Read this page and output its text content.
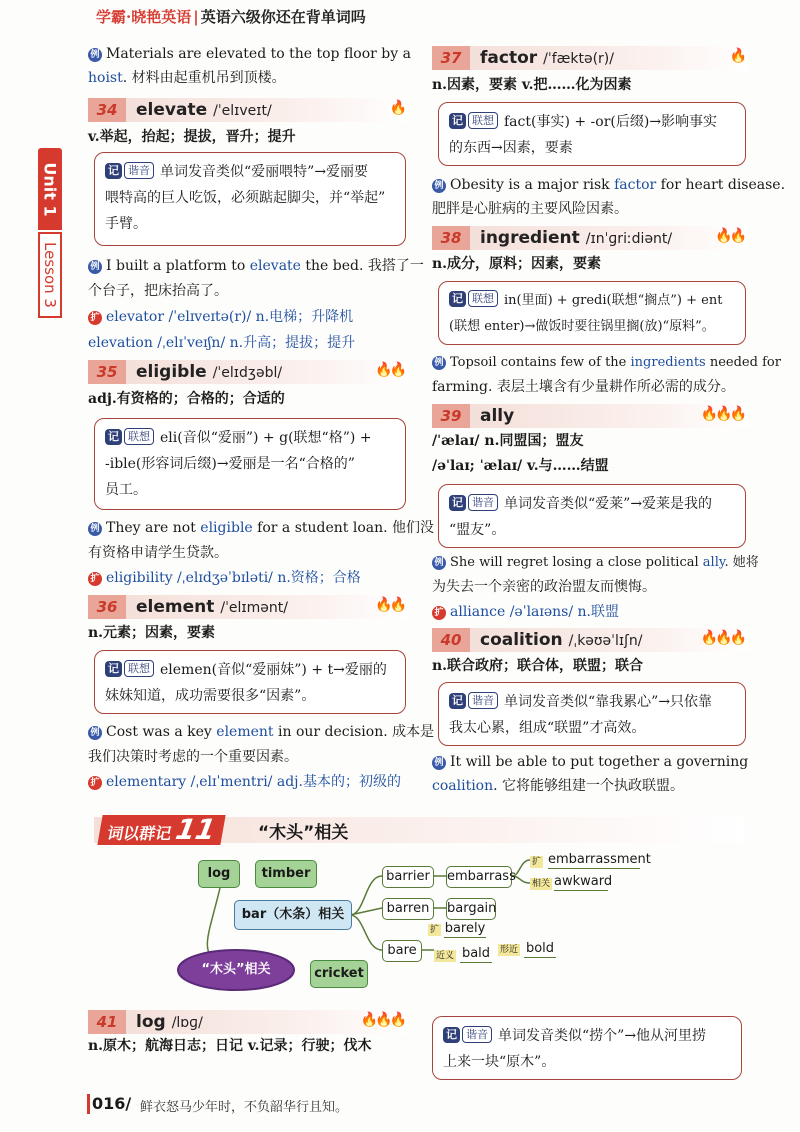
学霸·晓艳英语 | 英语六级你还在背单词吗
Unit 1
Lesson 3
例 Materials are elevated to the top floor by a
hoist. 材料由起重机吊到顶楼。
34	elevate /ˈelɪveɪt/	🔥
v.举起，抬起；提拔，晋升；提升
记 谐音 单词发音类似“爱丽喂特”→爱丽要
喂特高的巨人吃饭，必须踮起脚尖，并“举起”
手臂。
例 I built a platform to elevate the bed. 我搭了一
个台子，把床抬高了。
扩 elevator /ˈelɪveɪtə(r)/ n.电梯；升降机
elevation /ˌelɪˈveɪʃn/ n.升高；提拔；提升
35	eligible /ˈelɪdʒəbl/	🔥🔥
adj.有资格的；合格的；合适的
记 联想 eli(音似“爱丽”) + g(联想“格”) +
-ible(形容词后缀)→爱丽是一名“合格的”
员工。
例 They are not eligible for a student loan. 他们没
有资格申请学生贷款。
扩 eligibility /ˌelɪdʒəˈbɪləti/ n.资格；合格
36	element /ˈelɪmənt/	🔥🔥
n.元素；因素，要素
记 联想 elemen(音似“爱丽妹”) + t→爱丽的
妹妹知道，成功需要很多“因素”。
例 Cost was a key element in our decision. 成本是
我们决策时考虑的一个重要因素。
扩 elementary /ˌelɪˈmentri/ adj.基本的；初级的
37	factor /ˈfæktə(r)/	🔥
n.因素，要素 v.把……化为因素
记 联想 fact(事实) + -or(后缀)→影响事实
的东西→因素，要素
例 Obesity is a major risk factor for heart disease.
肥胖是心脏病的主要风险因素。
38	ingredient /ɪnˈɡriːdiənt/	🔥🔥
n.成分，原料；因素，要素
记 联想 in(里面) + gredi(联想“搁点”) + ent
(联想 enter)→做饭时要往锅里搁(放)“原料”。
例 Topsoil contains few of the ingredients needed for
farming. 表层土壤含有少量耕作所必需的成分。
39	ally	🔥🔥🔥
/ˈælaɪ/ n.同盟国；盟友
/əˈlaɪ; ˈælaɪ/ v.与……结盟
记 谐音 单词发音类似“爱莱”→爱莱是我的
“盟友”。
例 She will regret losing a close political ally. 她将
为失去一个亲密的政治盟友而懊悔。
扩 alliance /əˈlaɪəns/ n.联盟
40	coalition /ˌkəʊəˈlɪʃn/	🔥🔥🔥
n.联合政府；联合体，联盟；联合
记 谐音 单词发音类似“靠我累心”→只依靠
我太心累，组成“联盟”才高效。
例 It will be able to put together a governing
coalition. 它将能够组建一个执政联盟。
词以群记11	“木头”相关
log	timber
bar（木条）相关
“木头”相关	cricket
barrier	embarrass
扩 embarrassment
相关 awkward
barren	bargain
bare
扩 barely
近义 bald 形近 bold
41	log /lɒɡ/	🔥🔥🔥
n.原木；航海日志；日记 v.记录；行驶；伐木
记 谐音 单词发音类似“捞个”→他从河里捞
上来一块“原木”。
016/ 鲜衣怒马少年时，不负韶华行且知。
